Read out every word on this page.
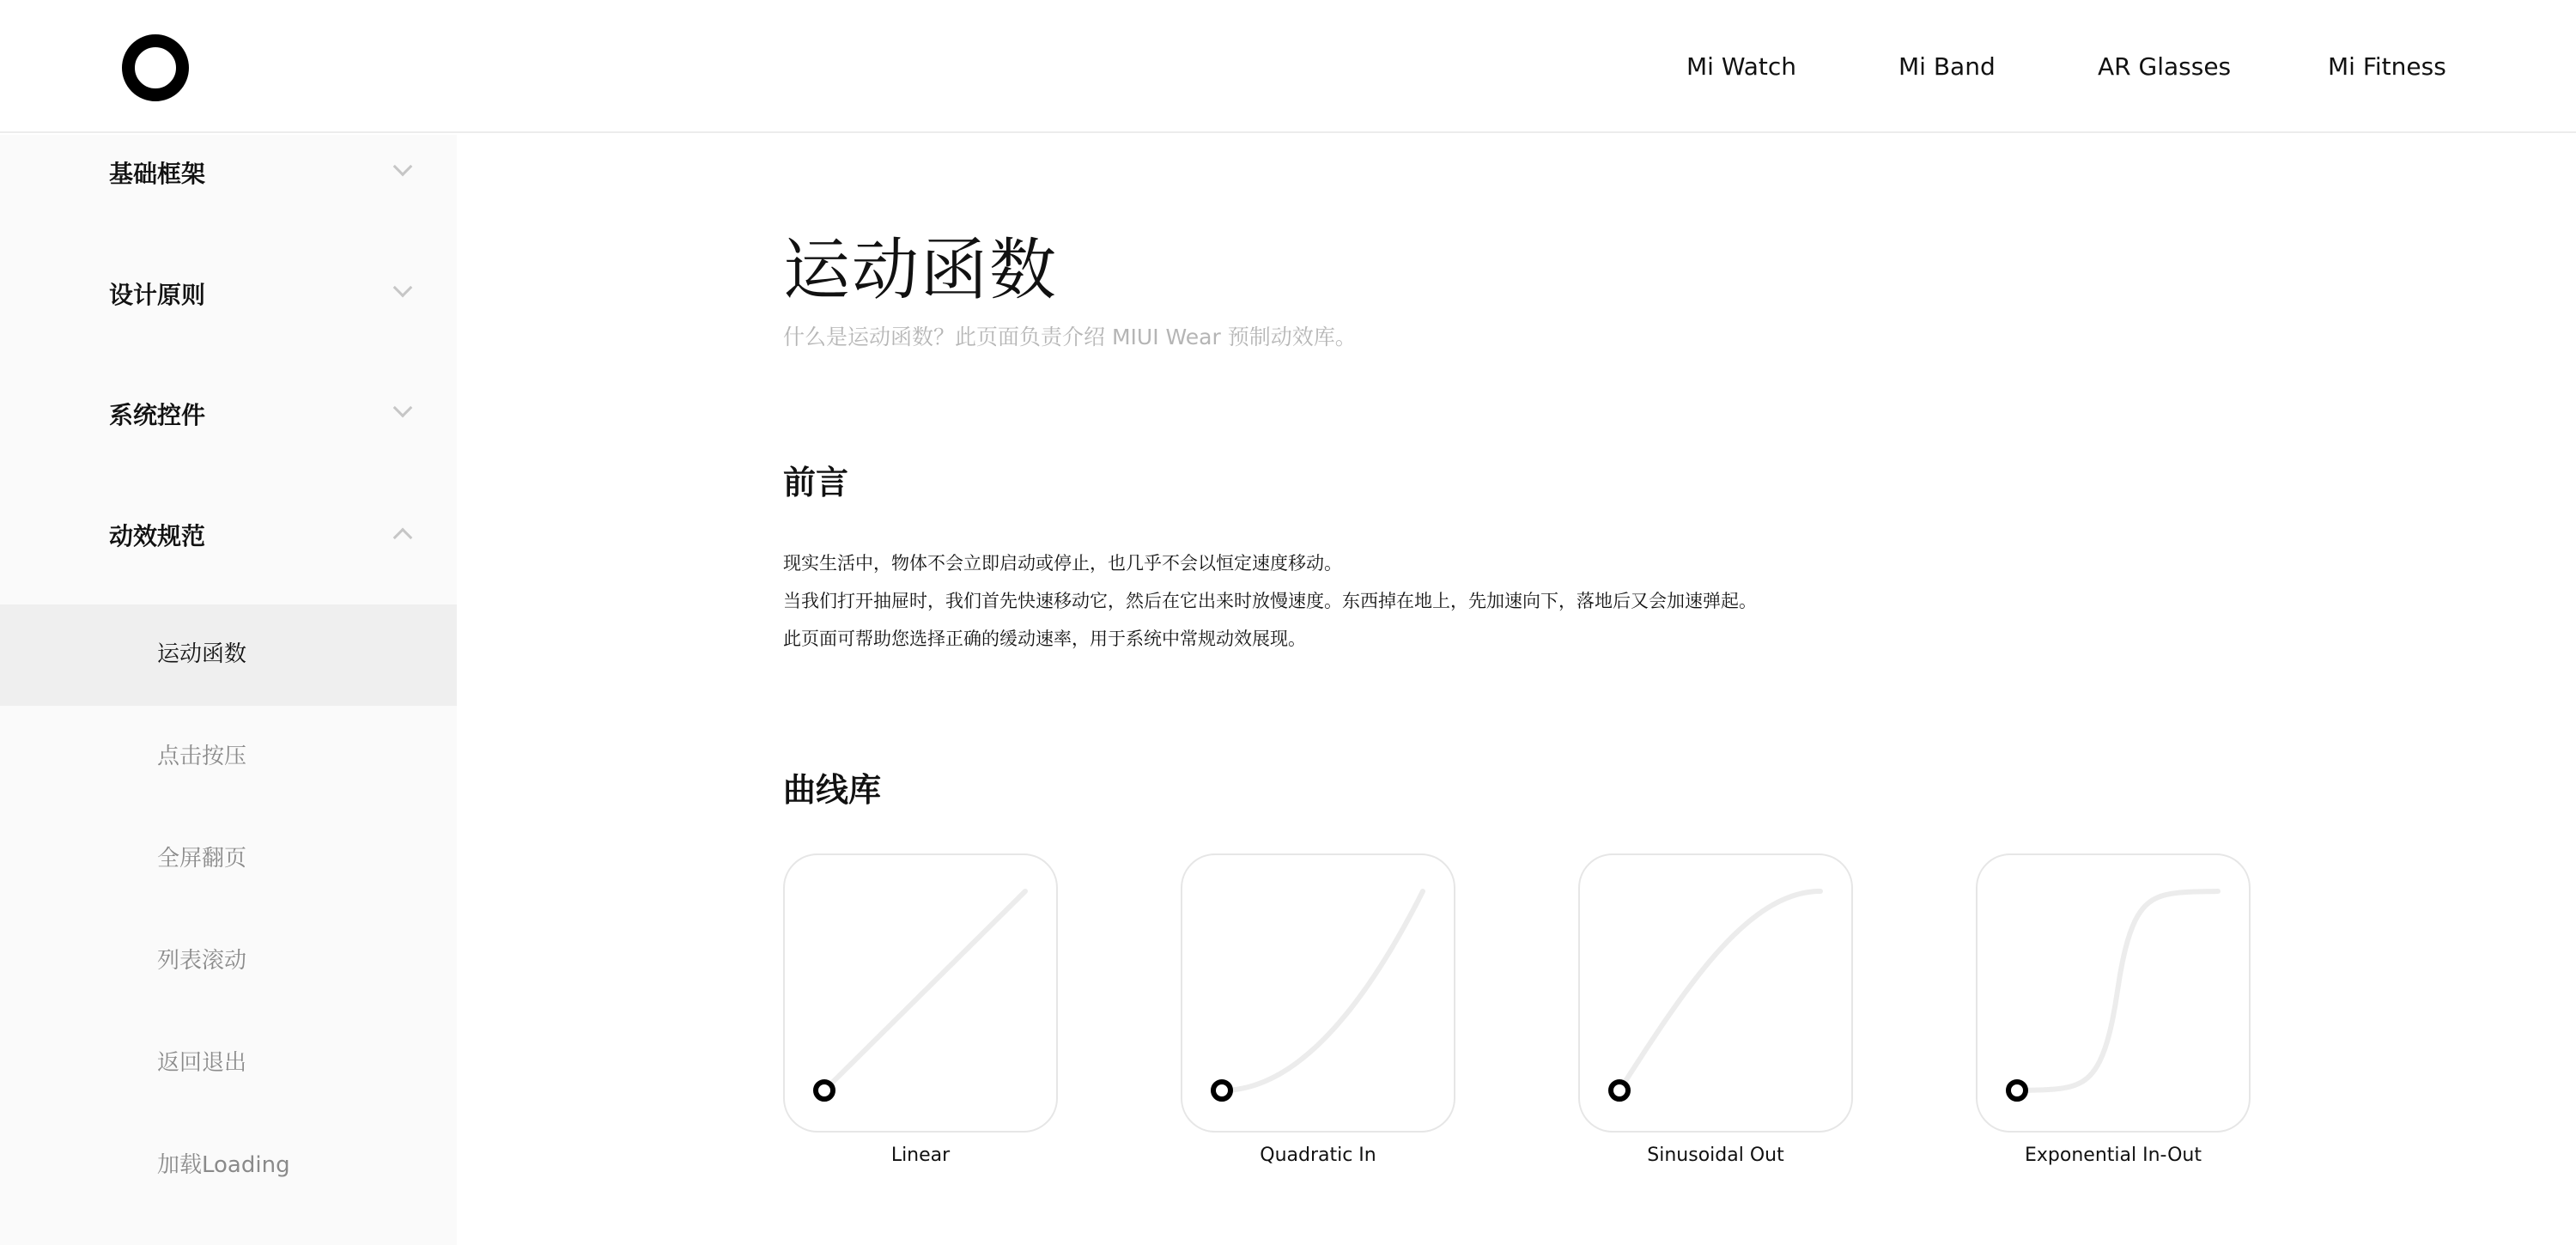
Mi Watch	Mi Band	AR Glasses	Mi Fitness
基础框架
设计原则
系统控件
动效规范
运动函数
点击按压
全屏翻页
列表滚动
返回退出
加载Loading
运动函数
什么是运动函数？此页面负责介绍 MIUI Wear 预制动效库。
前言

现实生活中，物体不会立即启动或停止，也几乎不会以恒定速度移动。

当我们打开抽屉时，我们首先快速移动它，然后在它出来时放慢速度。东西掉在地上，先加速向下，落地后又会加速弹起。

此页面可帮助您选择正确的缓动速率，用于系统中常规动效展现。

曲线库
Linear	Quadratic In	Sinusoidal Out	Exponential In-Out
